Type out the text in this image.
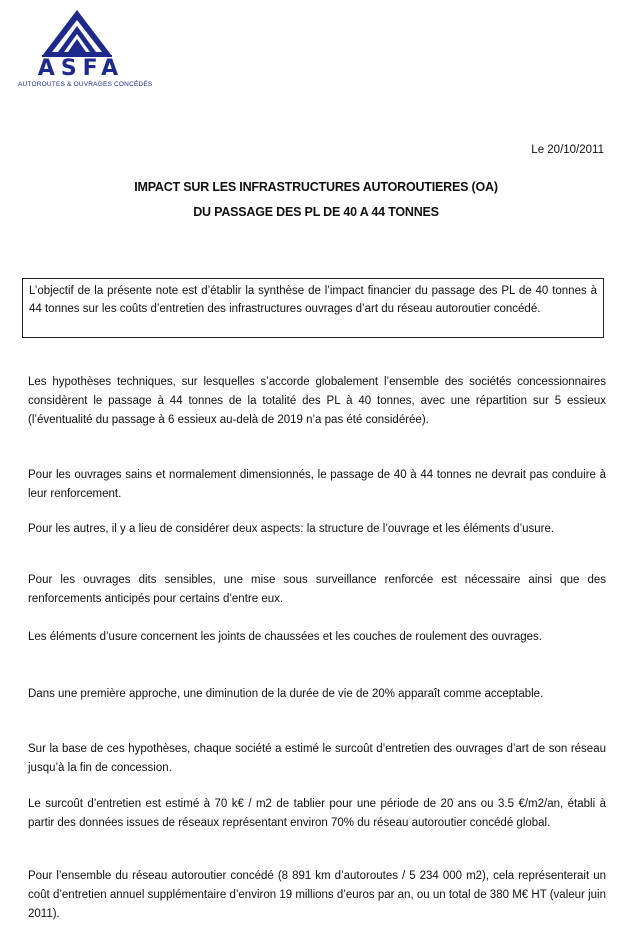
ASFA
AUTOROUTES & OUVRAGES CONCÉDÉS
Le 20/10/2011
IMPACT SUR LES INFRASTRUCTURES AUTOROUTIERES (OA)
DU PASSAGE DES PL DE 40 A 44 TONNES
L’objectif de la présente note est d’établir la synthèse de l’impact financier du passage des PL de 40 tonnes à 44 tonnes sur les coûts d’entretien des infrastructures ouvrages d’art du réseau autoroutier concédé.

Les hypothèses techniques, sur lesquelles s’accorde globalement l’ensemble des sociétés concessionnaires considèrent le passage à 44 tonnes de la totalité des PL à 40 tonnes, avec une répartition sur 5 essieux (l’éventualité du passage à 6 essieux au-delà de 2019 n’a pas été considérée).

Pour les ouvrages sains et normalement dimensionnés, le passage de 40 à 44 tonnes ne devrait pas conduire à leur renforcement.

Pour les autres, il y a lieu de considérer deux aspects: la structure de l’ouvrage et les éléments d’usure.

Pour les ouvrages dits sensibles, une mise sous surveillance renforcée est nécessaire ainsi que des renforcements anticipés pour certains d’entre eux.

Les éléments d’usure concernent les joints de chaussées et les couches de roulement des ouvrages.

Dans une première approche, une diminution de la durée de vie de 20% apparaît comme acceptable.

Sur la base de ces hypothèses, chaque société a estimé le surcoût d’entretien des ouvrages d’art de son réseau jusqu’à la fin de concession.

Le surcoût d’entretien est estimé à 70 k€ / m2 de tablier pour une période de 20 ans ou 3.5 €/m2/an, établi à partir des données issues de réseaux représentant environ 70% du réseau autoroutier concédé global.

Pour l’ensemble du réseau autoroutier concédé (8 891 km d’autoroutes / 5 234 000 m2), cela représenterait un coût d’entretien annuel supplémentaire d’environ 19 millions d’euros par an, ou un total de 380 M€ HT (valeur juin 2011).
